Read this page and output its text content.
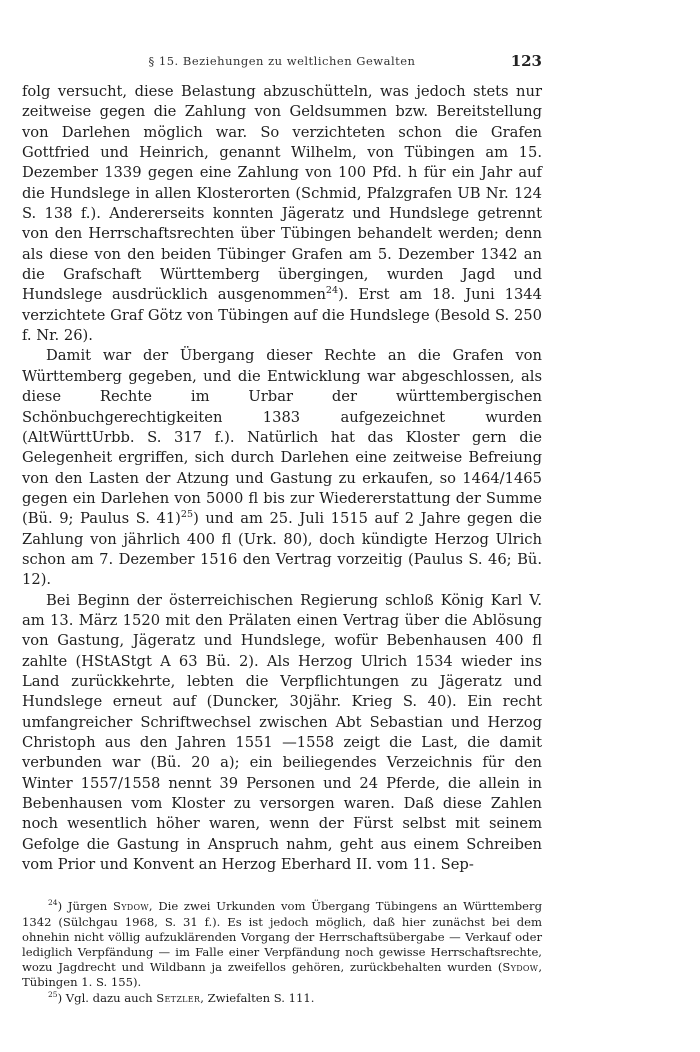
§ 15. Beziehungen zu weltlichen Gewalten	123

folg versucht, diese Belastung abzuschütteln, was jedoch stets nur zeitweise gegen die Zahlung von Geldsummen bzw. Bereitstellung von Darlehen möglich war. So verzichteten schon die Grafen Gottfried und Heinrich, genannt Wilhelm, von Tübingen am 15. Dezember 1339 gegen eine Zahlung von 100 Pfd. h für ein Jahr auf die Hundslege in allen Klosterorten (Schmid, Pfalzgrafen UB Nr. 124 S. 138 f.). Andererseits konnten Jägeratz und Hundslege getrennt von den Herrschaftsrechten über Tübingen behandelt werden; denn als diese von den beiden Tübinger Grafen am 5. Dezember 1342 an die Grafschaft Württemberg übergingen, wurden Jagd und Hundslege ausdrücklich ausgenommen$^{24}$). Erst am 18. Juni 1344 verzichtete Graf Götz von Tübingen auf die Hundslege (Besold S. 250 f. Nr. 26).

Damit war der Übergang dieser Rechte an die Grafen von Württemberg gegeben, und die Entwicklung war abgeschlossen, als diese Rechte im Urbar der württembergischen Schönbuchgerechtigkeiten 1383 aufgezeichnet wurden (AltWürttUrbb. S. 317 f.). Natürlich hat das Kloster gern die Gelegenheit ergriffen, sich durch Darlehen eine zeitweise Befreiung von den Lasten der Atzung und Gastung zu erkaufen, so 1464/1465 gegen ein Darlehen von 5000 fl bis zur Wiedererstattung der Summe (Bü. 9; Paulus S. 41)$^{25}$) und am 25. Juli 1515 auf 2 Jahre gegen die Zahlung von jährlich 400 fl (Urk. 80), doch kündigte Herzog Ulrich schon am 7. Dezember 1516 den Vertrag vorzeitig (Paulus S. 46; Bü. 12).

Bei Beginn der österreichischen Regierung schloß König Karl V. am 13. März 1520 mit den Prälaten einen Vertrag über die Ablösung von Gastung, Jägeratz und Hundslege, wofür Bebenhausen 400 fl zahlte (HStAStgt A 63 Bü. 2). Als Herzog Ulrich 1534 wieder ins Land zurückkehrte, lebten die Verpflichtungen zu Jägeratz und Hundslege erneut auf (Duncker, 30jähr. Krieg S. 40). Ein recht umfangreicher Schriftwechsel zwischen Abt Sebastian und Herzog Christoph aus den Jahren 1551 —1558 zeigt die Last, die damit verbunden war (Bü. 20 a); ein beiliegendes Verzeichnis für den Winter 1557/1558 nennt 39 Personen und 24 Pferde, die allein in Bebenhausen vom Kloster zu versorgen waren. Daß diese Zahlen noch wesentlich höher waren, wenn der Fürst selbst mit seinem Gefolge die Gastung in Anspruch nahm, geht aus einem Schreiben vom Prior und Konvent an Herzog Eberhard II. vom 11. Sep-

$^{24}$) Jürgen Sydow, Die zwei Urkunden vom Übergang Tübingens an Württemberg 1342 (Sülchgau 1968, S. 31 f.). Es ist jedoch möglich, daß hier zunächst bei dem ohnehin nicht völlig aufzuklärenden Vorgang der Herrschaftsübergabe — Verkauf oder lediglich Verpfändung — im Falle einer Verpfändung noch gewisse Herrschaftsrechte, wozu Jagdrecht und Wildbann ja zweifellos gehören, zurückbehalten wurden (Sydow, Tübingen 1. S. 155).

$^{25}$) Vgl. dazu auch Setzler, Zwiefalten S. 111.
